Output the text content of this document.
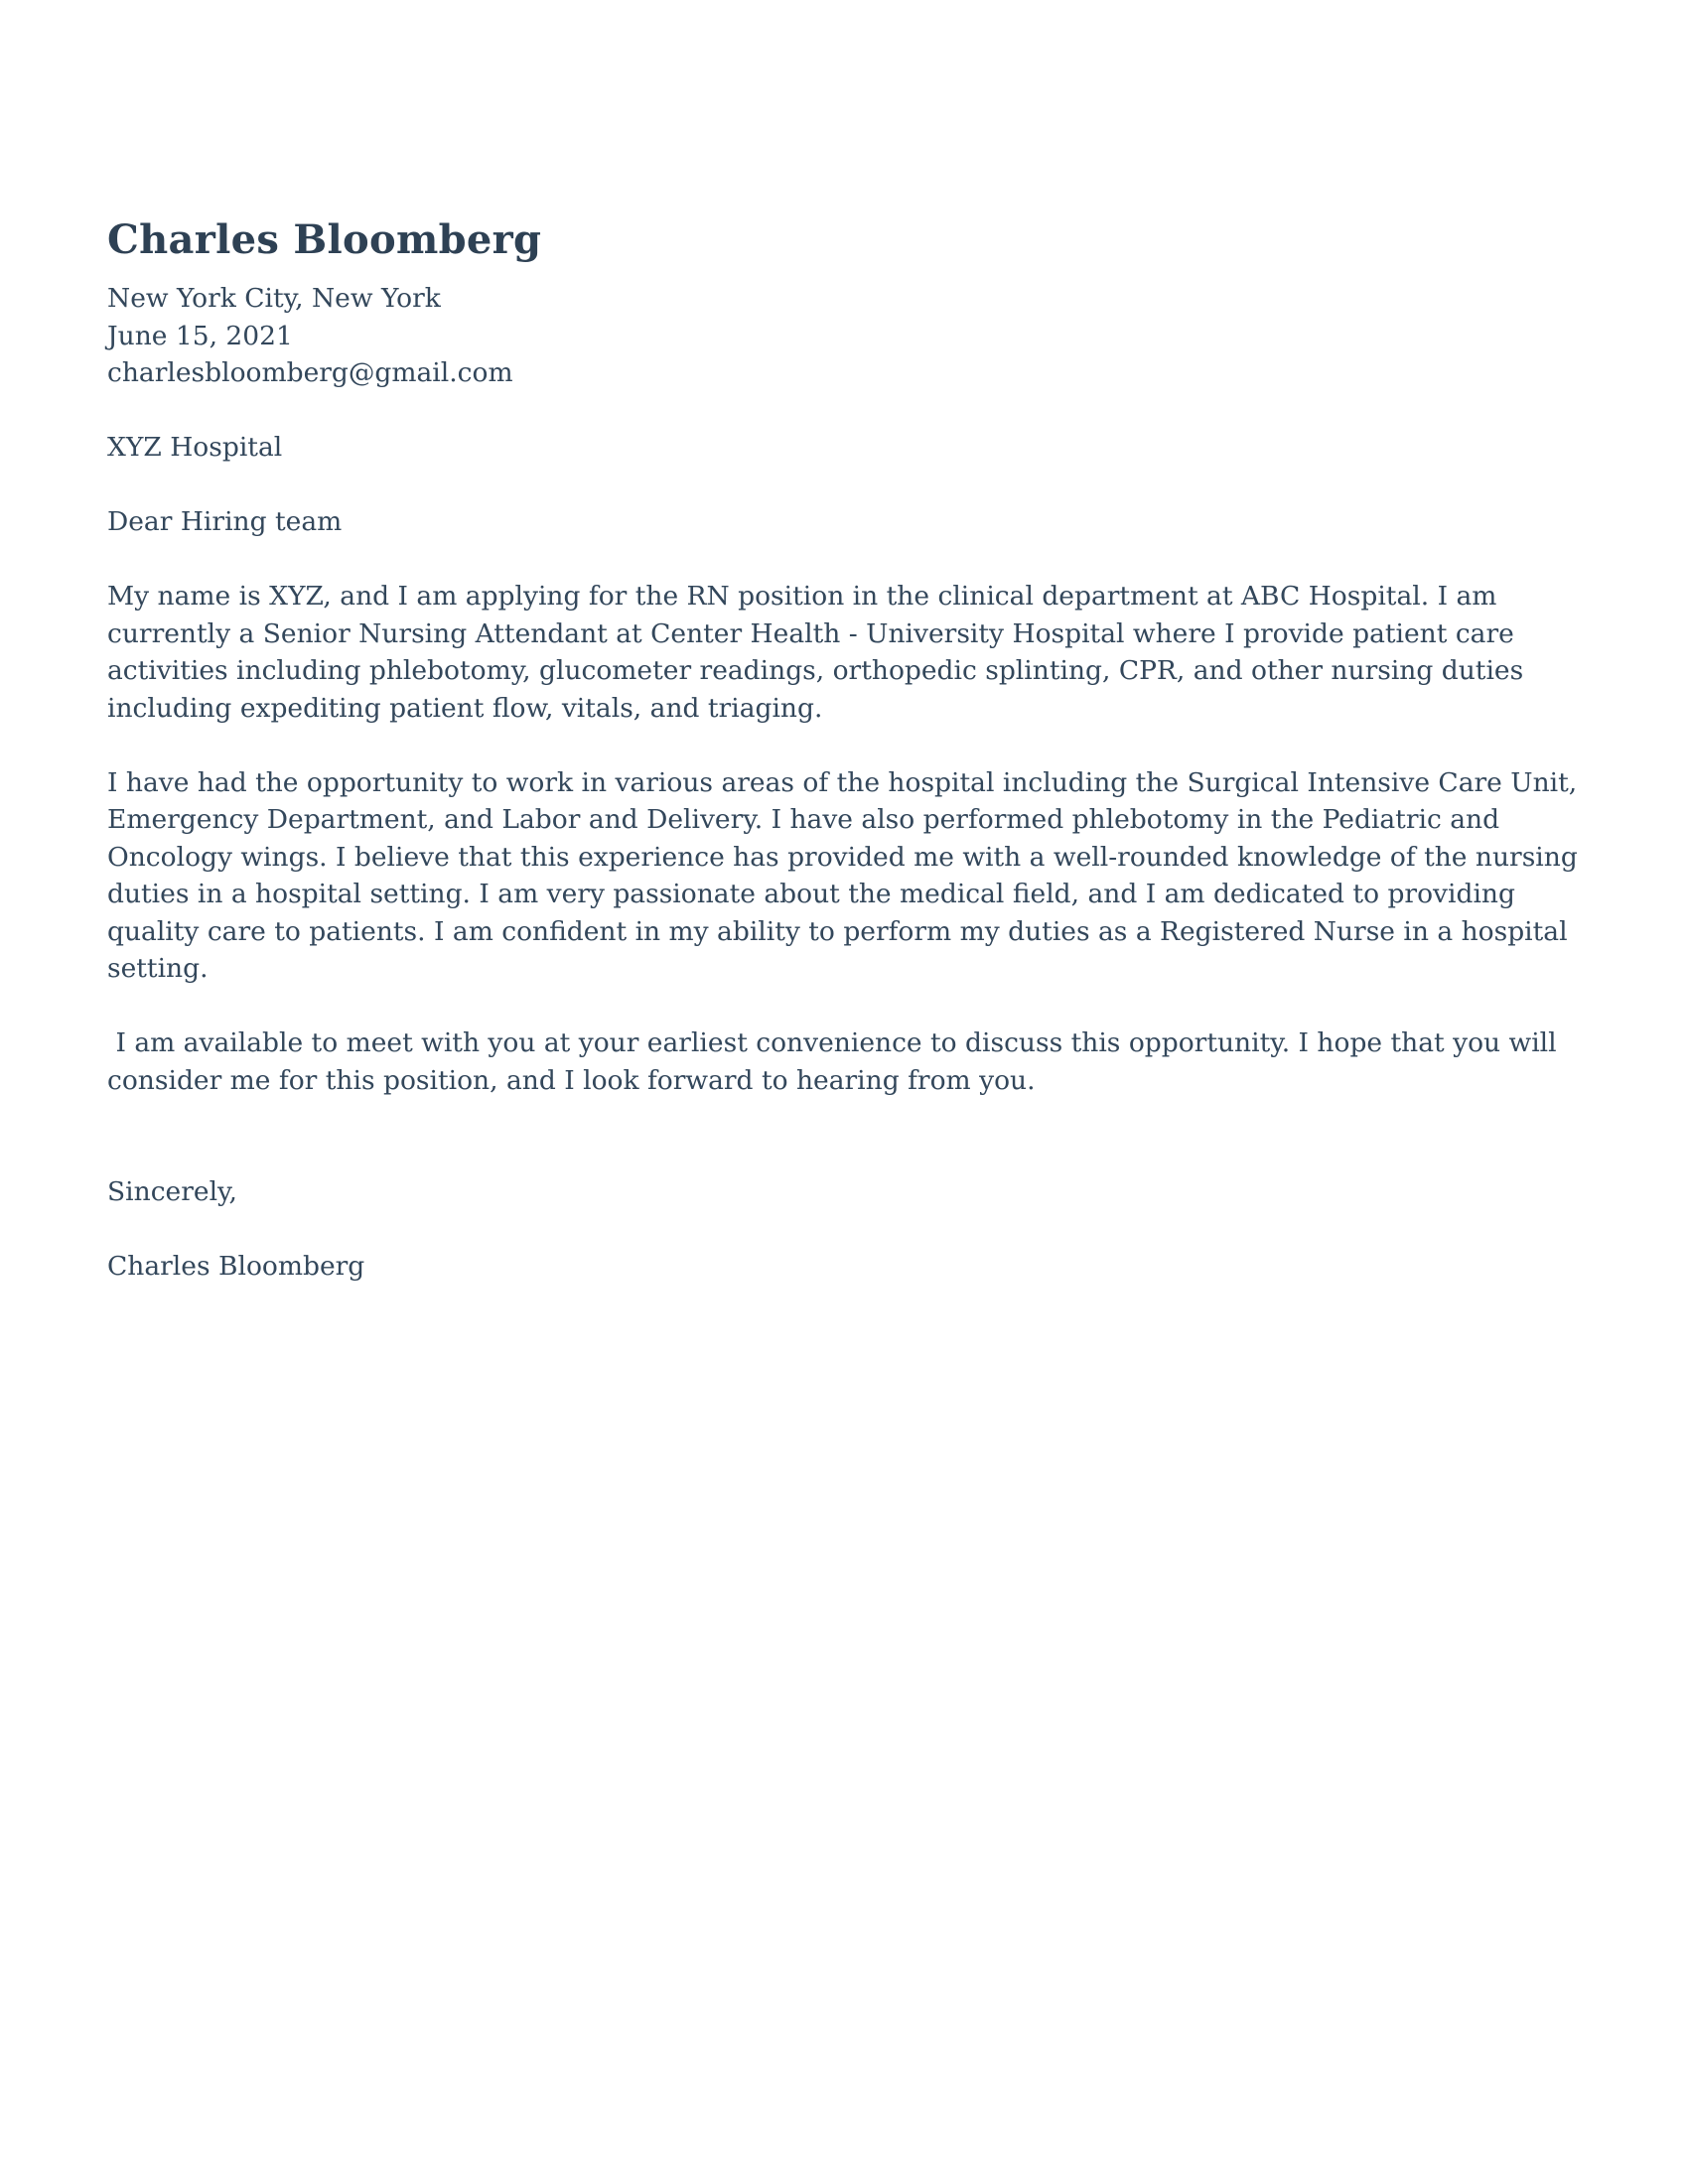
Charles Bloomberg
New York City, New York
June 15, 2021
charlesbloomberg@gmail.com
XYZ Hospital
Dear Hiring team

My name is XYZ, and I am applying for the RN position in the clinical department at ABC Hospital. I am currently a Senior Nursing Attendant at Center Health - University Hospital where I provide patient care activities including phlebotomy, glucometer readings, orthopedic splinting, CPR, and other nursing duties including expediting patient flow, vitals, and triaging.

I have had the opportunity to work in various areas of the hospital including the Surgical Intensive Care Unit, Emergency Department, and Labor and Delivery. I have also performed phlebotomy in the Pediatric and Oncology wings. I believe that this experience has provided me with a well-rounded knowledge of the nursing duties in a hospital setting. I am very passionate about the medical field, and I am dedicated to providing quality care to patients. I am confident in my ability to perform my duties as a Registered Nurse in a hospital setting.

I am available to meet with you at your earliest convenience to discuss this opportunity. I hope that you will consider me for this position, and I look forward to hearing from you.

Sincerely,
Charles Bloomberg
